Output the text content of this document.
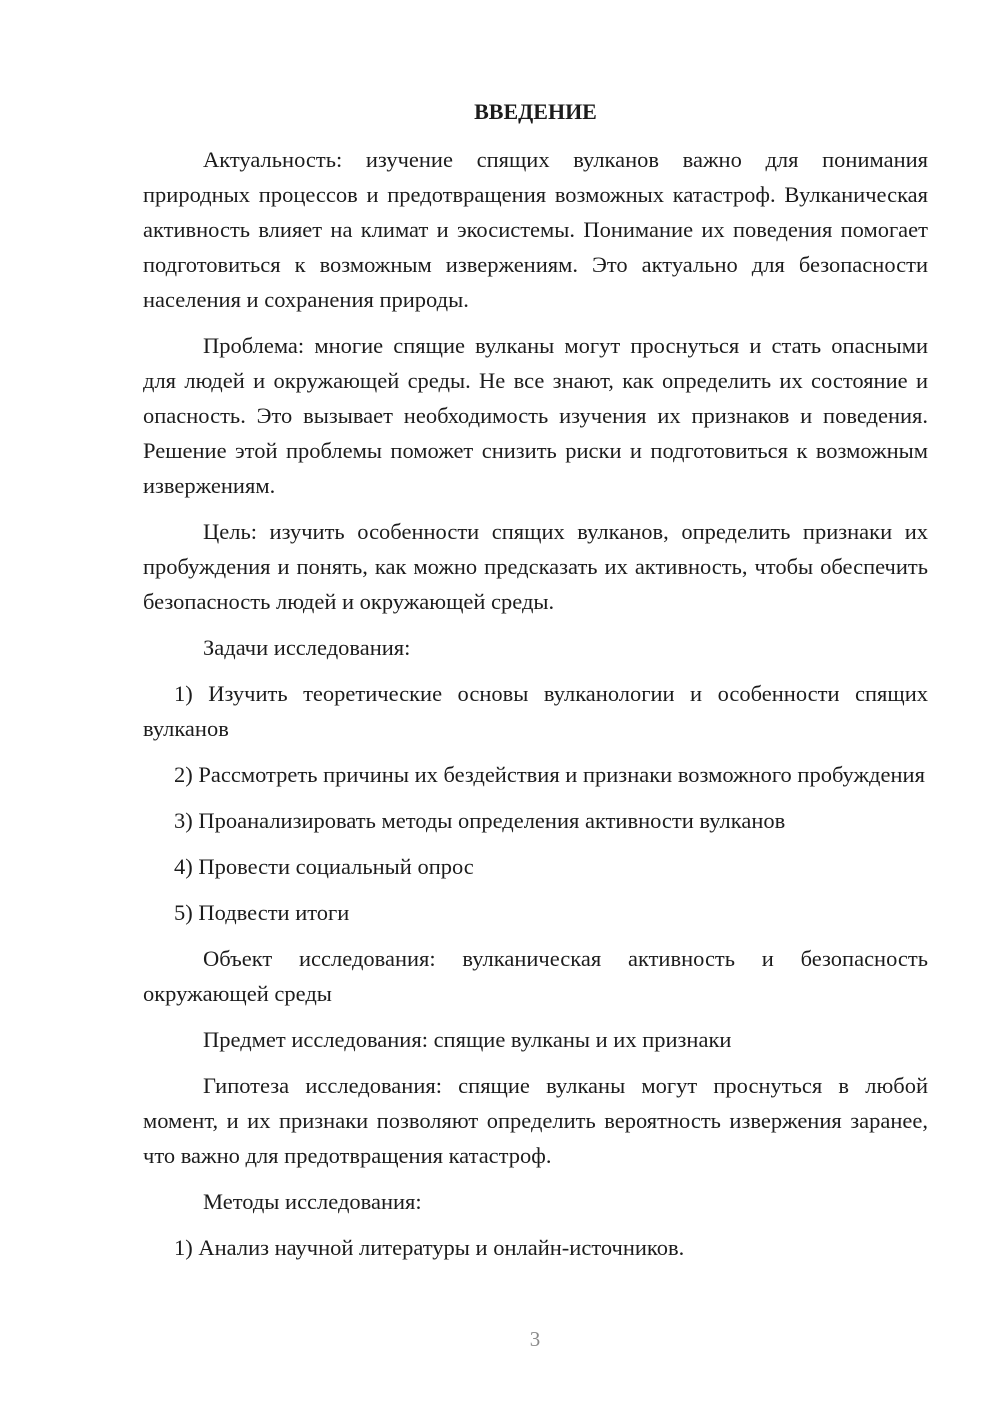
ВВЕДЕНИЕ

Актуальность: изучение спящих вулканов важно для понимания природных процессов и предотвращения возможных катастроф. Вулканическая активность влияет на климат и экосистемы. Понимание их поведения помогает подготовиться к возможным извержениям. Это актуально для безопасности населения и сохранения природы.

Проблема: многие спящие вулканы могут проснуться и стать опасными для людей и окружающей среды. Не все знают, как определить их состояние и опасность. Это вызывает необходимость изучения их признаков и поведения. Решение этой проблемы поможет снизить риски и подготовиться к возможным извержениям.

Цель: изучить особенности спящих вулканов, определить признаки их пробуждения и понять, как можно предсказать их активность, чтобы обеспечить безопасность людей и окружающей среды.

Задачи исследования:

1) Изучить теоретические основы вулканологии и особенности спящих вулканов

2) Рассмотреть причины их бездействия и признаки возможного пробуждения

3) Проанализировать методы определения активности вулканов

4) Провести социальный опрос

5) Подвести итоги

Объект исследования: вулканическая активность и безопасность окружающей среды

Предмет исследования: спящие вулканы и их признаки

Гипотеза исследования: спящие вулканы могут проснуться в любой момент, и их признаки позволяют определить вероятность извержения заранее, что важно для предотвращения катастроф.

Методы исследования:

1) Анализ научной литературы и онлайн-источников.

3
